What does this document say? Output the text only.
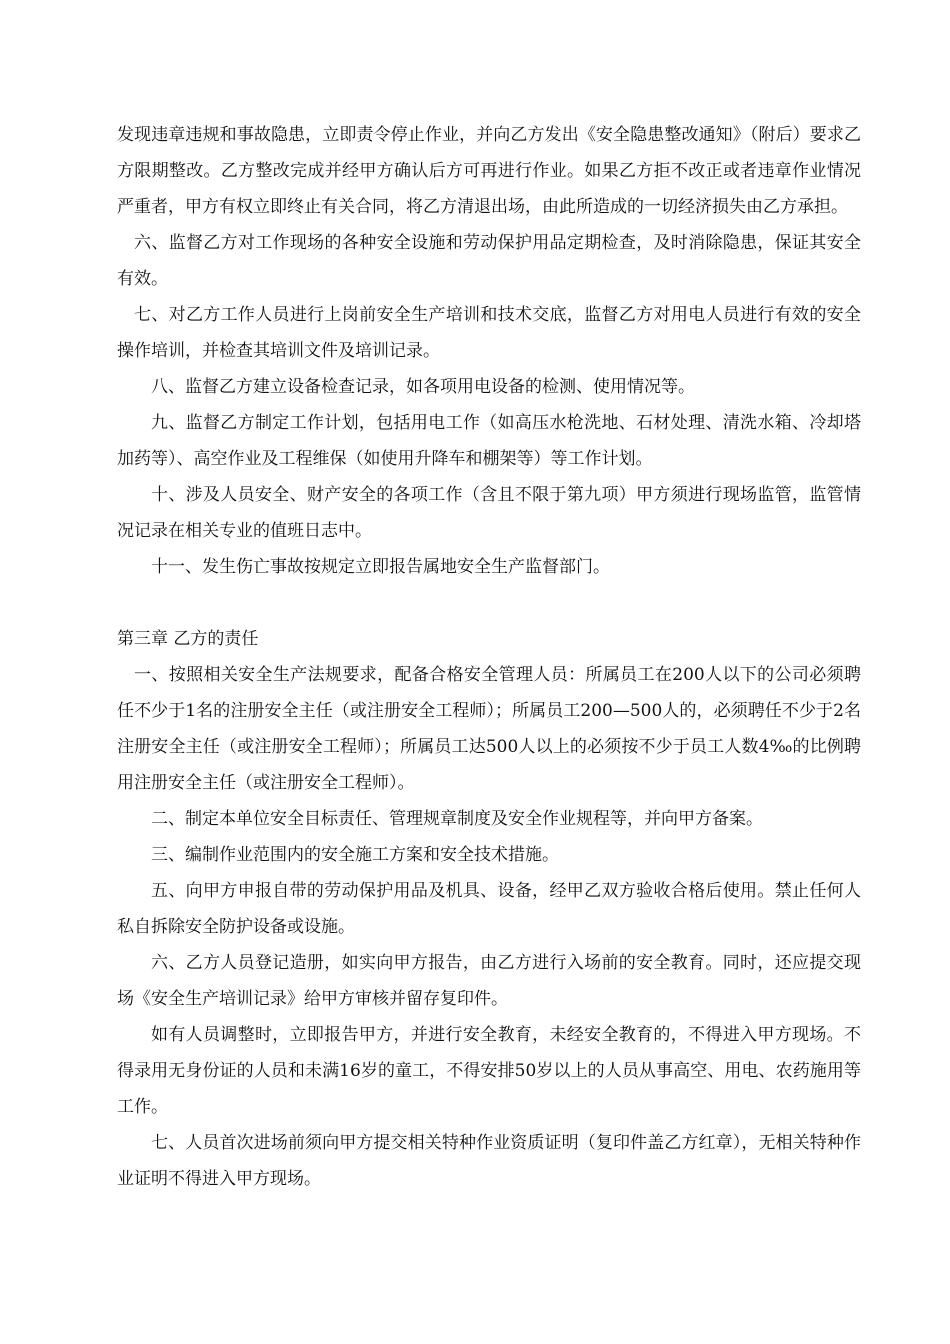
发现违章违规和事故隐患，立即责令停止作业，并向乙方发出《安全隐患整改通知》（附后）要求乙方限期整改。乙方整改完成并经甲方确认后方可再进行作业。如果乙方拒不改正或者违章作业情况严重者，甲方有权立即终止有关合同，将乙方清退出场，由此所造成的一切经济损失由乙方承担。

六、监督乙方对工作现场的各种安全设施和劳动保护用品定期检查，及时消除隐患，保证其安全有效。

七、对乙方工作人员进行上岗前安全生产培训和技术交底，监督乙方对用电人员进行有效的安全操作培训，并检查其培训文件及培训记录。

八、监督乙方建立设备检查记录，如各项用电设备的检测、使用情况等。

九、监督乙方制定工作计划，包括用电工作（如高压水枪洗地、石材处理、清洗水箱、冷却塔加药等）、高空作业及工程维保（如使用升降车和棚架等）等工作计划。

十、涉及人员安全、财产安全的各项工作（含且不限于第九项）甲方须进行现场监管，监管情况记录在相关专业的值班日志中。

十一、发生伤亡事故按规定立即报告属地安全生产监督部门。

第三章 乙方的责任

一、按照相关安全生产法规要求，配备合格安全管理人员：所属员工在200人以下的公司必须聘任不少于1名的注册安全主任（或注册安全工程师）；所属员工200—500人的，必须聘任不少于2名注册安全主任（或注册安全工程师）；所属员工达500人以上的必须按不少于员工人数4‰的比例聘用注册安全主任（或注册安全工程师）。

二、制定本单位安全目标责任、管理规章制度及安全作业规程等，并向甲方备案。

三、编制作业范围内的安全施工方案和安全技术措施。

五、向甲方申报自带的劳动保护用品及机具、设备，经甲乙双方验收合格后使用。禁止任何人私自拆除安全防护设备或设施。

六、乙方人员登记造册，如实向甲方报告，由乙方进行入场前的安全教育。同时，还应提交现场《安全生产培训记录》给甲方审核并留存复印件。

如有人员调整时，立即报告甲方，并进行安全教育，未经安全教育的，不得进入甲方现场。不得录用无身份证的人员和未满16岁的童工，不得安排50岁以上的人员从事高空、用电、农药施用等工作。

七、人员首次进场前须向甲方提交相关特种作业资质证明（复印件盖乙方红章），无相关特种作业证明不得进入甲方现场。
